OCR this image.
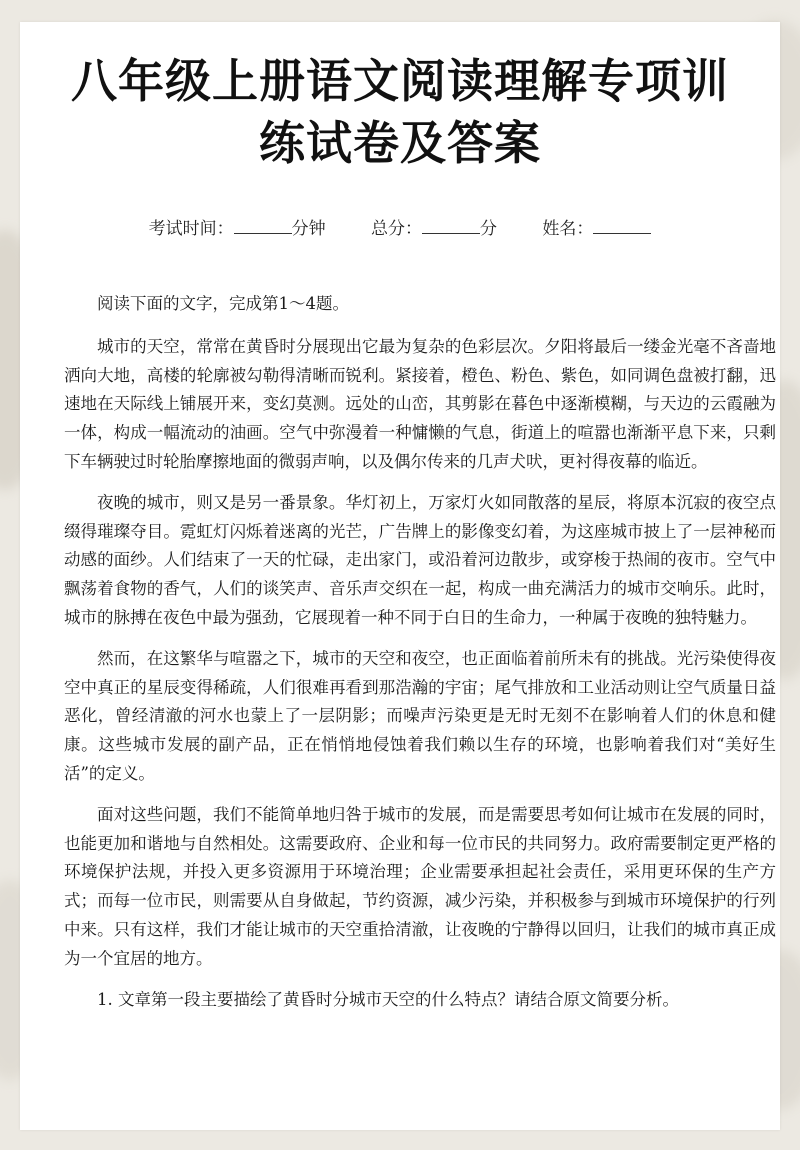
八年级上册语文阅读理解专项训
练试卷及答案
考试时间：	分钟	总分：	分	姓名：

阅读下面的文字，完成第1～4题。

城市的天空，常常在黄昏时分展现出它最为复杂的色彩层次。夕阳将最后一缕金光毫不吝啬地洒向大地，高楼的轮廓被勾勒得清晰而锐利。紧接着，橙色、粉色、紫色，如同调色盘被打翻，迅速地在天际线上铺展开来，变幻莫测。远处的山峦，其剪影在暮色中逐渐模糊，与天边的云霞融为一体，构成一幅流动的油画。空气中弥漫着一种慵懒的气息，街道上的喧嚣也渐渐平息下来，只剩下车辆驶过时轮胎摩擦地面的微弱声响，以及偶尔传来的几声犬吠，更衬得夜幕的临近。

夜晚的城市，则又是另一番景象。华灯初上，万家灯火如同散落的星辰，将原本沉寂的夜空点缀得璀璨夺目。霓虹灯闪烁着迷离的光芒，广告牌上的影像变幻着，为这座城市披上了一层神秘而动感的面纱。人们结束了一天的忙碌，走出家门，或沿着河边散步，或穿梭于热闹的夜市。空气中飘荡着食物的香气，人们的谈笑声、音乐声交织在一起，构成一曲充满活力的城市交响乐。此时，城市的脉搏在夜色中最为强劲，它展现着一种不同于白日的生命力，一种属于夜晚的独特魅力。

然而，在这繁华与喧嚣之下，城市的天空和夜空，也正面临着前所未有的挑战。光污染使得夜空中真正的星辰变得稀疏，人们很难再看到那浩瀚的宇宙；尾气排放和工业活动则让空气质量日益恶化，曾经清澈的河水也蒙上了一层阴影；而噪声污染更是无时无刻不在影响着人们的休息和健康。这些城市发展的副产品，正在悄悄地侵蚀着我们赖以生存的环境，也影响着我们对“美好生活”的定义。

面对这些问题，我们不能简单地归咎于城市的发展，而是需要思考如何让城市在发展的同时，也能更加和谐地与自然相处。这需要政府、企业和每一位市民的共同努力。政府需要制定更严格的环境保护法规，并投入更多资源用于环境治理；企业需要承担起社会责任，采用更环保的生产方式；而每一位市民，则需要从自身做起，节约资源，减少污染，并积极参与到城市环境保护的行列中来。只有这样，我们才能让城市的天空重拾清澈，让夜晚的宁静得以回归，让我们的城市真正成为一个宜居的地方。

1. 文章第一段主要描绘了黄昏时分城市天空的什么特点？请结合原文简要分析。
